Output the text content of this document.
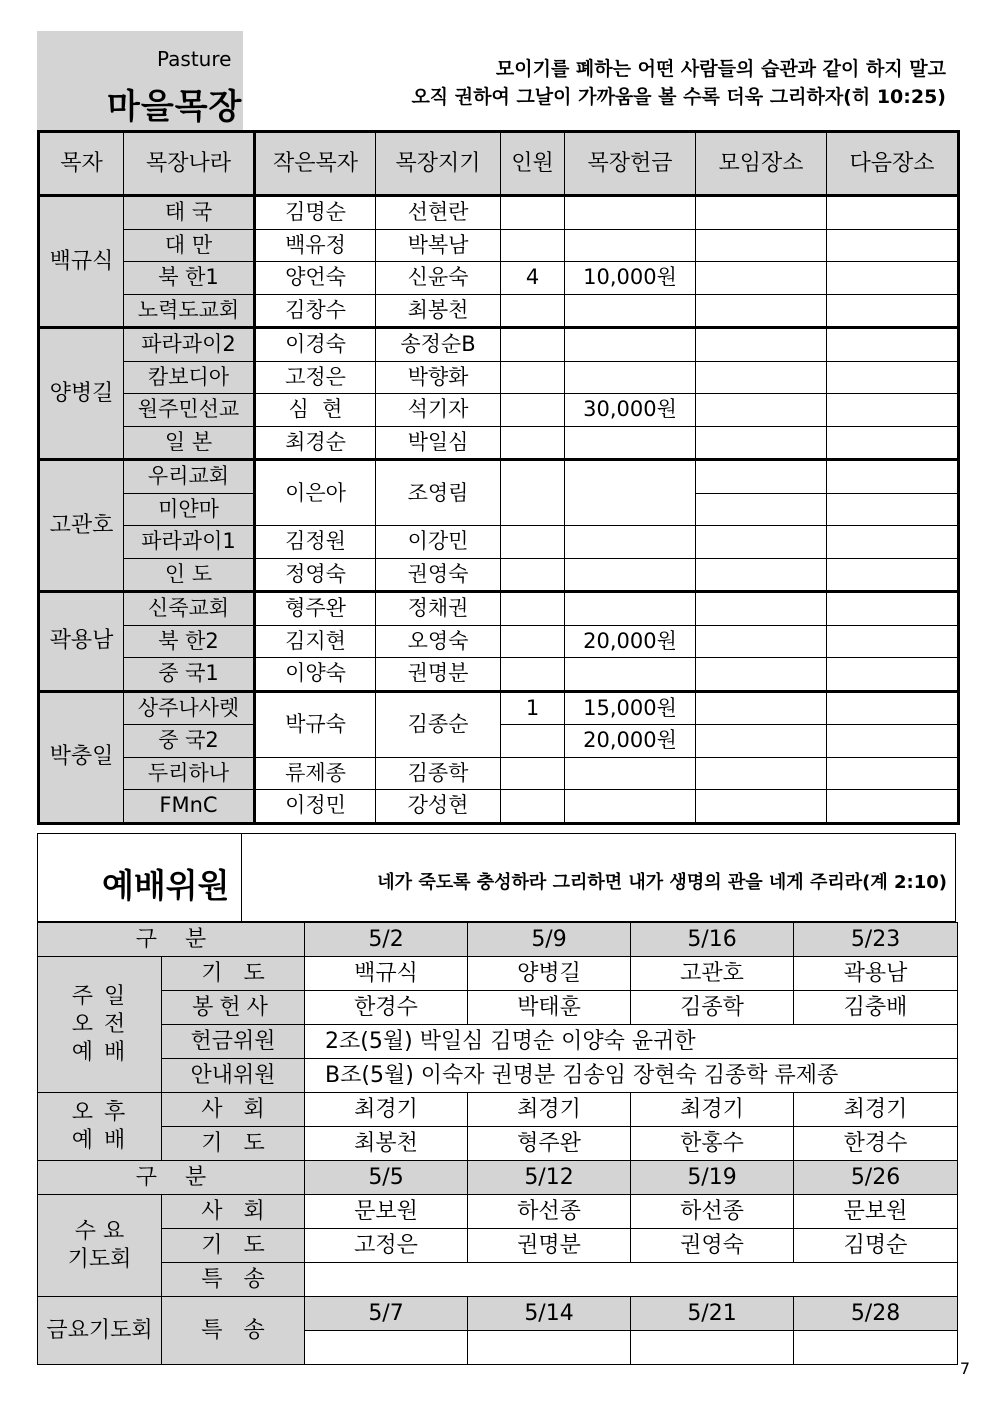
Pasture
마을목장
모이기를 폐하는 어떤 사람들의 습관과 같이 하지 말고
오직 권하여 그날이 가까움을 볼 수록 더욱 그리하자(히 10:25)
목자	목장나라	작은목자	목장지기	인원	목장헌금	모임장소	다음장소
백규식	태 국	김명순	선현란				
	대 만	백유정	박복남				
	북 한1	양언숙	신윤숙	4	10,000원		
	노력도교회	김창수	최봉천				
양병길	파라과이2	이경숙	송정순B				
	캄보디아	고정은	박향화				
	원주민선교	심  현	석기자		30,000원		
	일 본	최경순	박일심				
고관호	우리교회	이은아	조영림				
	미얀마						
	파라과이1	김정원	이강민				
	인 도	정영숙	권영숙				
곽용남	신죽교회	형주완	정채권				
	북 한2	김지현	오영숙		20,000원		
	중 국1	이양숙	권명분				
박충일	상주나사렛	박규숙	김종순	1	15,000원		
	중 국2				20,000원		
	두리하나	류제종	김종학				
	FMnC	이정민	강성현				
예배위원	네가 죽도록 충성하라 그리하면 내가 생명의 관을 네게 주리라(계 2:10)
구    분		5/2	5/9	5/16	5/23
주 일
오 전
예 배	기   도	백규식	양병길	고관호	곽용남
	봉헌사	한경수	박태훈	김종학	김충배
	헌금위원	2조(5월) 박일심 김명순 이양숙 윤귀한			
	안내위원	B조(5월) 이숙자 권명분 김송임 장현숙 김종학 류제종			
오 후
예 배	사   회	최경기	최경기	최경기	최경기
	기   도	최봉천	형주완	한홍수	한경수
구    분		5/5	5/12	5/19	5/26
수 요
기도회	사   회	문보원	하선종	하선종	문보원
	기   도	고정은	권명분	권영숙	김명순
	특   송				
금요기도회	특   송	5/7	5/14	5/21	5/28

7
